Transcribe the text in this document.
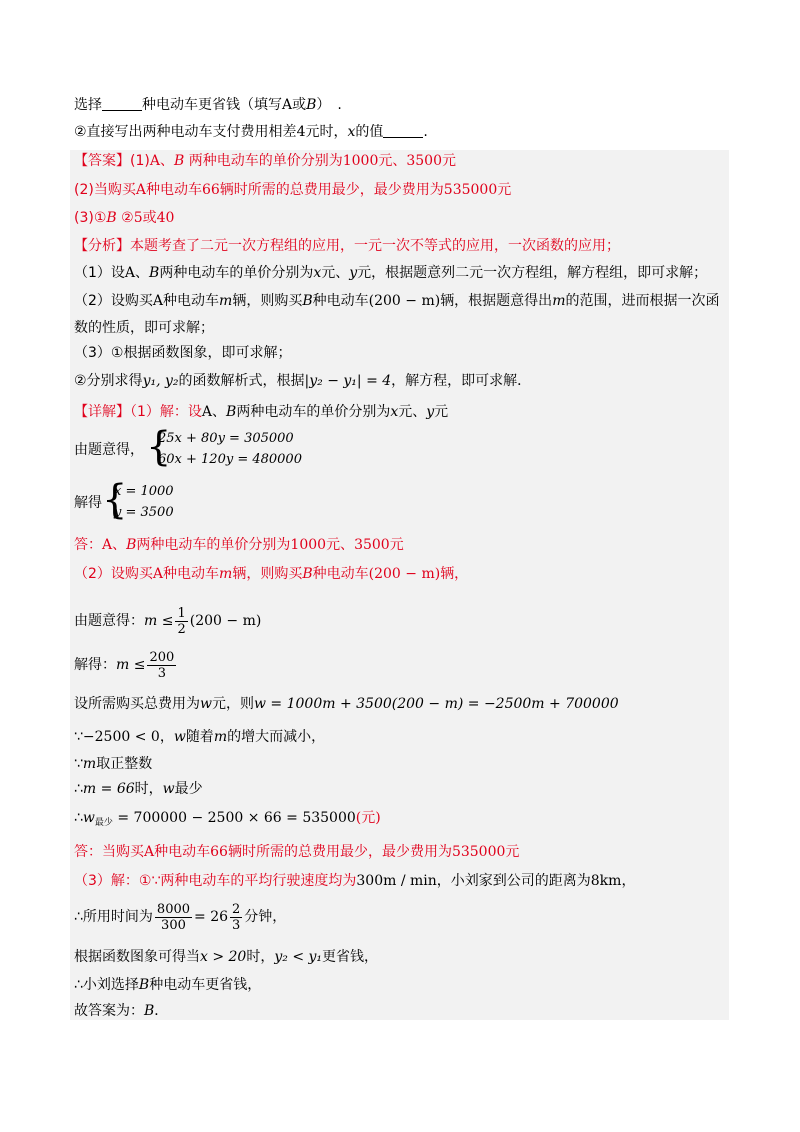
选择	种电动车更省钱（填写A或B）　.
②直接写出两种电动车支付费用相差4元时，x的值	.
【答案】(1)A、B 两种电动车的单价分别为1000元、3500元
(2)当购买A种电动车66辆时所需的总费用最少，最少费用为535000元
(3)①B ②5或40
【分析】本题考查了二元一次方程组的应用，一元一次不等式的应用，一次函数的应用；
（1）设A、B两种电动车的单价分别为x元、y元，根据题意列二元一次方程组，解方程组，即可求解；
（2）设购买A种电动车m辆，则购买B种电动车(200 − m)辆，根据题意得出m的范围，进而根据一次函
数的性质，即可求解；
（3）①根据函数图象，即可求解；
②分别求得y₁, y₂的函数解析式，根据|y₂ − y₁| = 4，解方程，即可求解．
【详解】（1）解：设A、B两种电动车的单价分别为x元、y元
由题意得， {
25x + 80y = 305000
60x + 120y = 480000
解得 {
x = 1000
y = 3500
答：A、B两种电动车的单价分别为1000元、3500元
（2）设购买A种电动车m辆，则购买B种电动车(200 − m)辆，
由题意得：$m \le \frac{1}{2} (200 - m)$
解得：$m \le \frac{200}{3}$
设所需购买总费用为w元，则w = 1000m + 3500(200 − m) = −2500m + 700000
∵−2500 < 0，w随着m的增大而减小，
∵m取正整数
∴m = 66时，w最少
$\therefore w_{最少} = 700000 - 2500 \times 66 = 535000$(元)
答：当购买A种电动车66辆时所需的总费用最少，最少费用为535000元
（3）解：①∵两种电动车的平均行驶速度均为300m / min，小刘家到公司的距离为8km，
∴所用时间为 $\frac{8000}{300} = 26 \frac{2}{3}$ 分钟，
根据函数图象可得当x > 20时，y₂ < y₁更省钱，
∴小刘选择B种电动车更省钱，
故答案为：B．
